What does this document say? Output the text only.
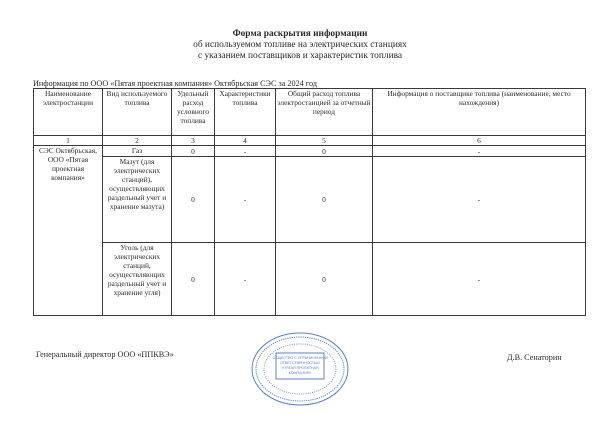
Форма раскрытия информации
об используемом топливе на электрических станциях
с указанием поставщиков и характеристик топлива
Информация по ООО «Пятая проектная компания» Октябрьская СЭС за 2024 год
Наименование электростанции	Вид используемого топлива	Удельный расход условного топлива	Характеристики топлива	Общий расход топлива электростанцией за отчетный период	Информация о поставщике топлива (наименование, место нахождения)
1	2	3	4	5	6
СЭС Октябрьская, ООО «Пятая проектная компания»	Газ	0	-	0	-
	Мазут (для электрических станций), осуществляющих раздельный учет и хранение мазута)	0	-	0	-
	Уголь (для электрических станций, осуществляющих раздельный учет и хранение угля)	0	-	0	-
Генеральный директор ООО «ППКВЭ»	Д.В. Сенаторин
ОБЩЕСТВО С ОГРАНИЧЕННОЙ
ОТВЕТСТВЕННОСТЬЮ
«ПЯТАЯ ПРОЕКТНАЯ
КОМПАНИЯ»
